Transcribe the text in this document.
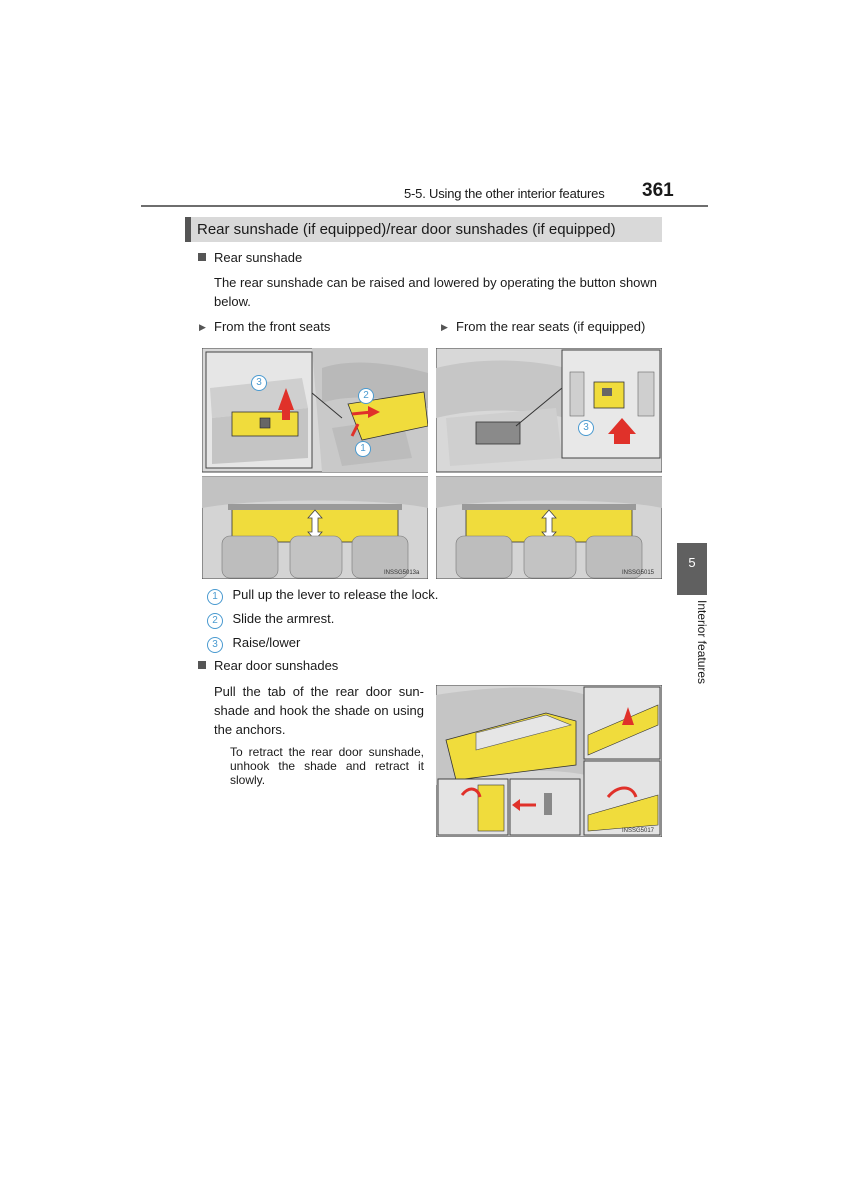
5-5. Using the other interior features 361
Rear sunshade (if equipped)/rear door sunshades (if equipped)
Rear sunshade
The rear sunshade can be raised and lowered by operating the button shown below.
▶ From the front seats	▶ From the rear seats (if equipped)
3
2
1
3
INSSG5013a	INSSG5015
1 Pull up the lever to release the lock.
2 Slide the armrest.
3 Raise/lower
Rear door sunshades
Pull the tab of the rear door sun-shade and hook the shade on using the anchors.
To retract the rear door sunshade, unhook the shade and retract it slowly.
INSSG5017
5
Interior features
